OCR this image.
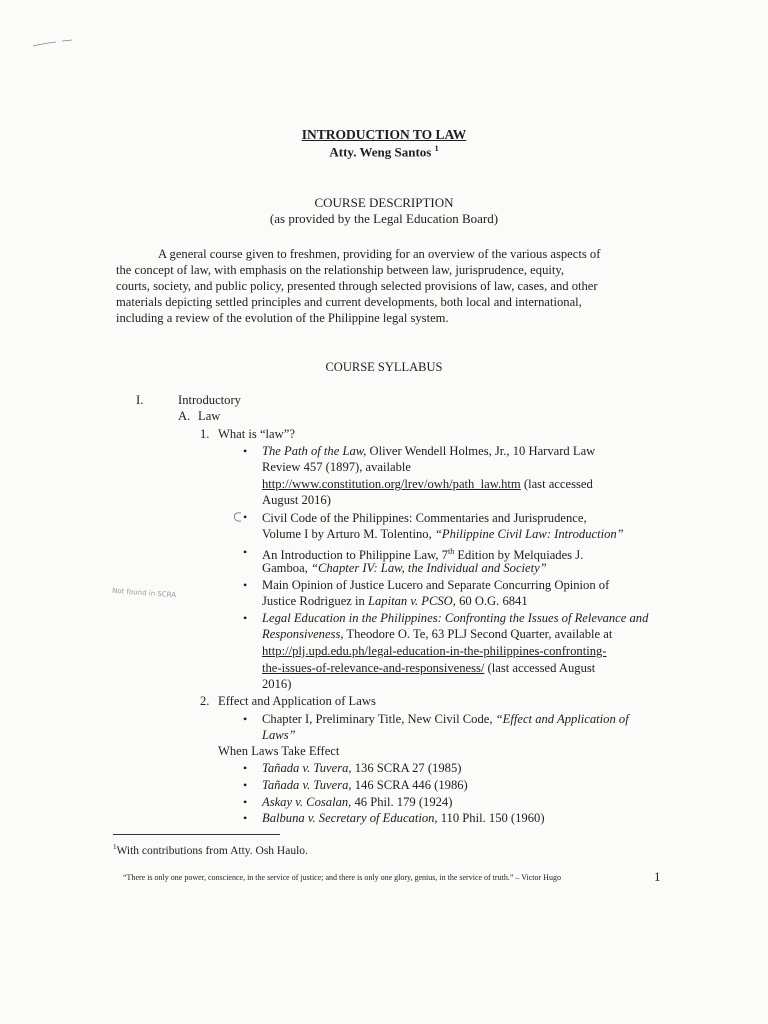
INTRODUCTION TO LAW
Atty. Weng Santos $^1$
COURSE DESCRIPTION
(as provided by the Legal Education Board)
A general course given to freshmen, providing for an overview of the various aspects of
the concept of law, with emphasis on the relationship between law, jurisprudence, equity,
courts, society, and public policy, presented through selected provisions of law, cases, and other
materials depicting settled principles and current developments, both local and international,
including a review of the evolution of the Philippine legal system.
COURSE SYLLABUS
I.	Introductory
A. Law
1. What is “law”?
• The Path of the Law, Oliver Wendell Holmes, Jr., 10 Harvard Law
Review 457 (1897), available
http://www.constitution.org/lrev/owh/path_law.htm (last accessed
August 2016)
• Civil Code of the Philippines: Commentaries and Jurisprudence,
Volume I by Arturo M. Tolentino, “Philippine Civil Law: Introduction”
• An Introduction to Philippine Law, 7th Edition by Melquiades J.
Gamboa, “Chapter IV: Law, the Individual and Society”
Not found in SCRA
• Main Opinion of Justice Lucero and Separate Concurring Opinion of
Justice Rodriguez in Lapitan v. PCSO, 60 O.G. 6841
• Legal Education in the Philippines: Confronting the Issues of Relevance and
Responsiveness, Theodore O. Te, 63 PLJ Second Quarter, available at
http://plj.upd.edu.ph/legal-education-in-the-philippines-confronting-
the-issues-of-relevance-and-responsiveness/ (last accessed August
2016)
2. Effect and Application of Laws
• Chapter I, Preliminary Title, New Civil Code, “Effect and Application of
Laws”
When Laws Take Effect
• Tañada v. Tuvera, 136 SCRA 27 (1985)
• Tañada v. Tuvera, 146 SCRA 446 (1986)
• Askay v. Cosalan, 46 Phil. 179 (1924)
• Balbuna v. Secretary of Education, 110 Phil. 150 (1960)
$^1$With contributions from Atty. Osh Haulo.
“There is only one power, conscience, in the service of justice; and there is only one glory, genius, in the service of truth.” – Victor Hugo	1
